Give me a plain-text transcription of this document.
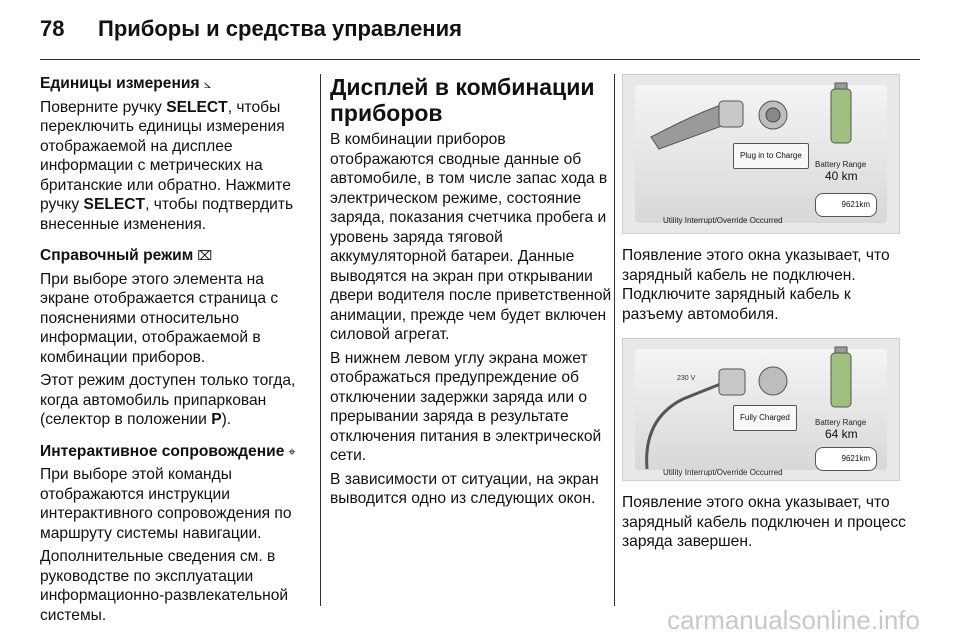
78	Приборы и средства управления
Единицы измерения ⦣

Поверните ручку SELECT, чтобы переключить единицы измерения отображаемой на дисплее информации с метрических на британские или обратно. Нажмите ручку SELECT, чтобы подтвердить внесенные изменения.

Справочный режим ⌧

При выборе этого элемента на экране отображается страница с пояснениями относительно информации, отображаемой в комбинации приборов.

Этот режим доступен только тогда, когда автомобиль припаркован (селектор в положении P).

Интерактивное сопровождение ⌖

При выборе этой команды отображаются инструкции интерактивного сопровождения по маршруту системы навигации.

Дополнительные сведения см. в руководстве по эксплуатации информационно-развлекательной системы.

Дисплей в комбинации приборов

В комбинации приборов отображаются сводные данные об автомобиле, в том числе запас хода в электрическом режиме, состояние заряда, показания счетчика пробега и уровень заряда тяговой аккумуляторной батареи. Данные выводятся на экран при открывании двери водителя после приветственной анимации, прежде чем будет включен силовой агрегат.

В нижнем левом углу экрана может отображаться предупреждение об отключении задержки заряда или о прерывании заряда в результате отключения питания в электрической сети.

В зависимости от ситуации, на экран выводится одно из следующих окон.

Plug in to Charge
Battery Range
40 km
9621km
Utility Interrupt/Override Occurred

Появление этого окна указывает, что зарядный кабель не подключен. Подключите зарядный кабель к разъему автомобиля.

230 V
Fully Charged
Battery Range
64 km
9621km
Utility Interrupt/Override Occurred

Появление этого окна указывает, что зарядный кабель подключен и процесс заряда завершен.

carmanualsonline.info
